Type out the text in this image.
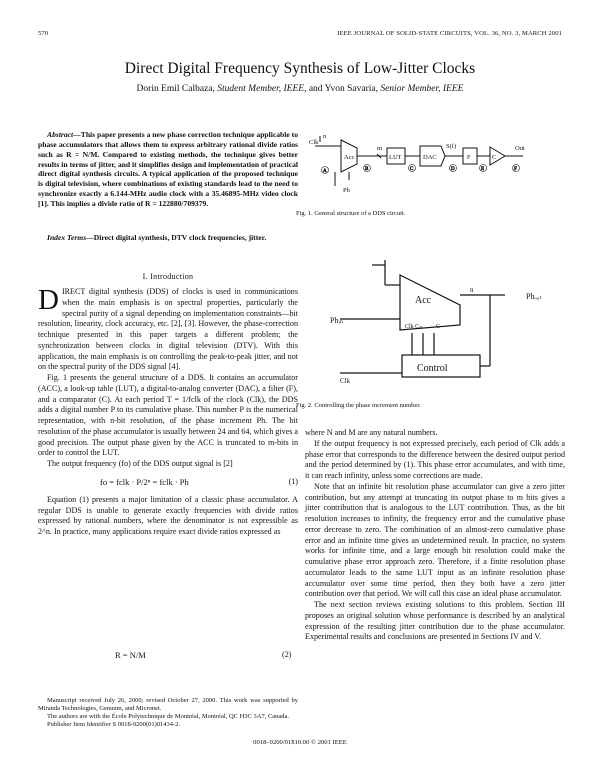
570	IEEE JOURNAL OF SOLID-STATE CIRCUITS, VOL. 36, NO. 3, MARCH 2001
Direct Digital Frequency Synthesis of Low-Jitter Clocks
Dorin Emil Calbaza, Student Member, IEEE, and Yvon Savaria, Senior Member, IEEE

Abstract—This paper presents a new phase correction technique applicable to phase accumulators that allows them to express arbitrary rational divide ratios such as R = N/M. Compared to existing methods, the technique gives better results in terms of jitter, and it simplifies design and implementation of practical direct digital synthesis circuits. A typical application of the proposed technique is digital television, where combinations of existing standards lead to the need to synchronize exactly a 6.144-MHz audio clock with a 35.46895-MHz video clock [1]. This implies a divide ratio of R = 122880/709379.

Index Terms—Direct digital synthesis, DTV clock frequencies, jitter.

I. Introduction

DIRECT digital synthesis (DDS) of clocks is used in communications when the main emphasis is on spectral properties, particularly the spectral purity of a signal depending on implementation constraints—bit resolution, linearity, clock accuracy, etc. [2], [3]. However, the phase-correction technique presented in this paper targets a different problem; the synchronization between clocks in digital television (DTV). With this application, the main emphasis is on controlling the peak-to-peak jitter, and not on the spectral purity of the DDS signal [4].

Fig. 1 presents the general structure of a DDS. It contains an accumulator (ACC), a look-up table (LUT), a digital-to-analog converter (DAC), a filter (F), and a comparator (C). At each period T = 1/fclk of the clock (Clk), the DDS adds a digital number P to its cumulative phase. This number P is the numerical representation, with n-bit resolution, of the phase increment Ph. The bit resolution of the phase accumulator is usually between 24 and 64, which gives a good precision. The output phase given by the ACC is truncated to m-bits in order to control the LUT.

The output frequency (fo) of the DDS output signal is [2]

fo = fclk · P/2ⁿ = fclk · Ph	(1)

Equation (1) presents a major limitation of a classic phase accumulator. A regular DDS is unable to generate exactly frequencies with divide ratios expressed by rational numbers, where the denominator is not expressible as 2^n. In practice, many applications require exact divide ratios expressed as

R = N/M	(2)

Manuscript received July 26, 2000; revised October 27, 2000. This work was supported by Miranda Technologies, Genuum, and Micronet.

The authors are with the École Polytechnique de Montréal, Montréal, QC H3C 3A7, Canada.

Publisher Item Identifier S 0018-9200(01)01434-2.

0018–9200/01$10.00 © 2001 IEEE
Acc	LUT	DAC	F	C
Out
Clk
Ph
m
n
S(f)
A	B	C	D	E	F
Fig. 1. General structure of a DDS circuit.
Acc
Control
Clk
Phᵢₙ
Phₒᵤₜ
n
Clk Cᵢₙ C
Fig. 2. Controlling the phase increment number.

where N and M are any natural numbers.

If the output frequency is not expressed precisely, each period of Clk adds a phase error that corresponds to the difference between the desired output period and the period determined by (1). This phase error accumulates, and with time, it can reach infinity, unless some corrections are made.

Note that an infinite bit resolution phase accumulator can give a zero jitter contribution, but any attempt at truncating its output phase to m bits gives a jitter contribution that is analogous to the LUT contribution. Thus, as the bit resolution increases to infinity, the frequency error and the cumulative phase error decrease to zero. The combination of an almost-zero cumulative phase error and an infinite time gives an undetermined result. In practice, no system works for infinite time, and a large enough bit resolution could make the cumulative phase error approach zero. Therefore, if a finite resolution phase accumulator leads to the same LUT input as an infinite resolution phase accumulator over some time period, then they both have a zero jitter contribution over that period. We will call this case an ideal phase accumulator.

The next section reviews existing solutions to this problem. Section III proposes an original solution whose performance is described by an analytical expression of the resulting jitter contribution due to the phase accumulator. Experimental results and conclusions are presented in Sections IV and V.
